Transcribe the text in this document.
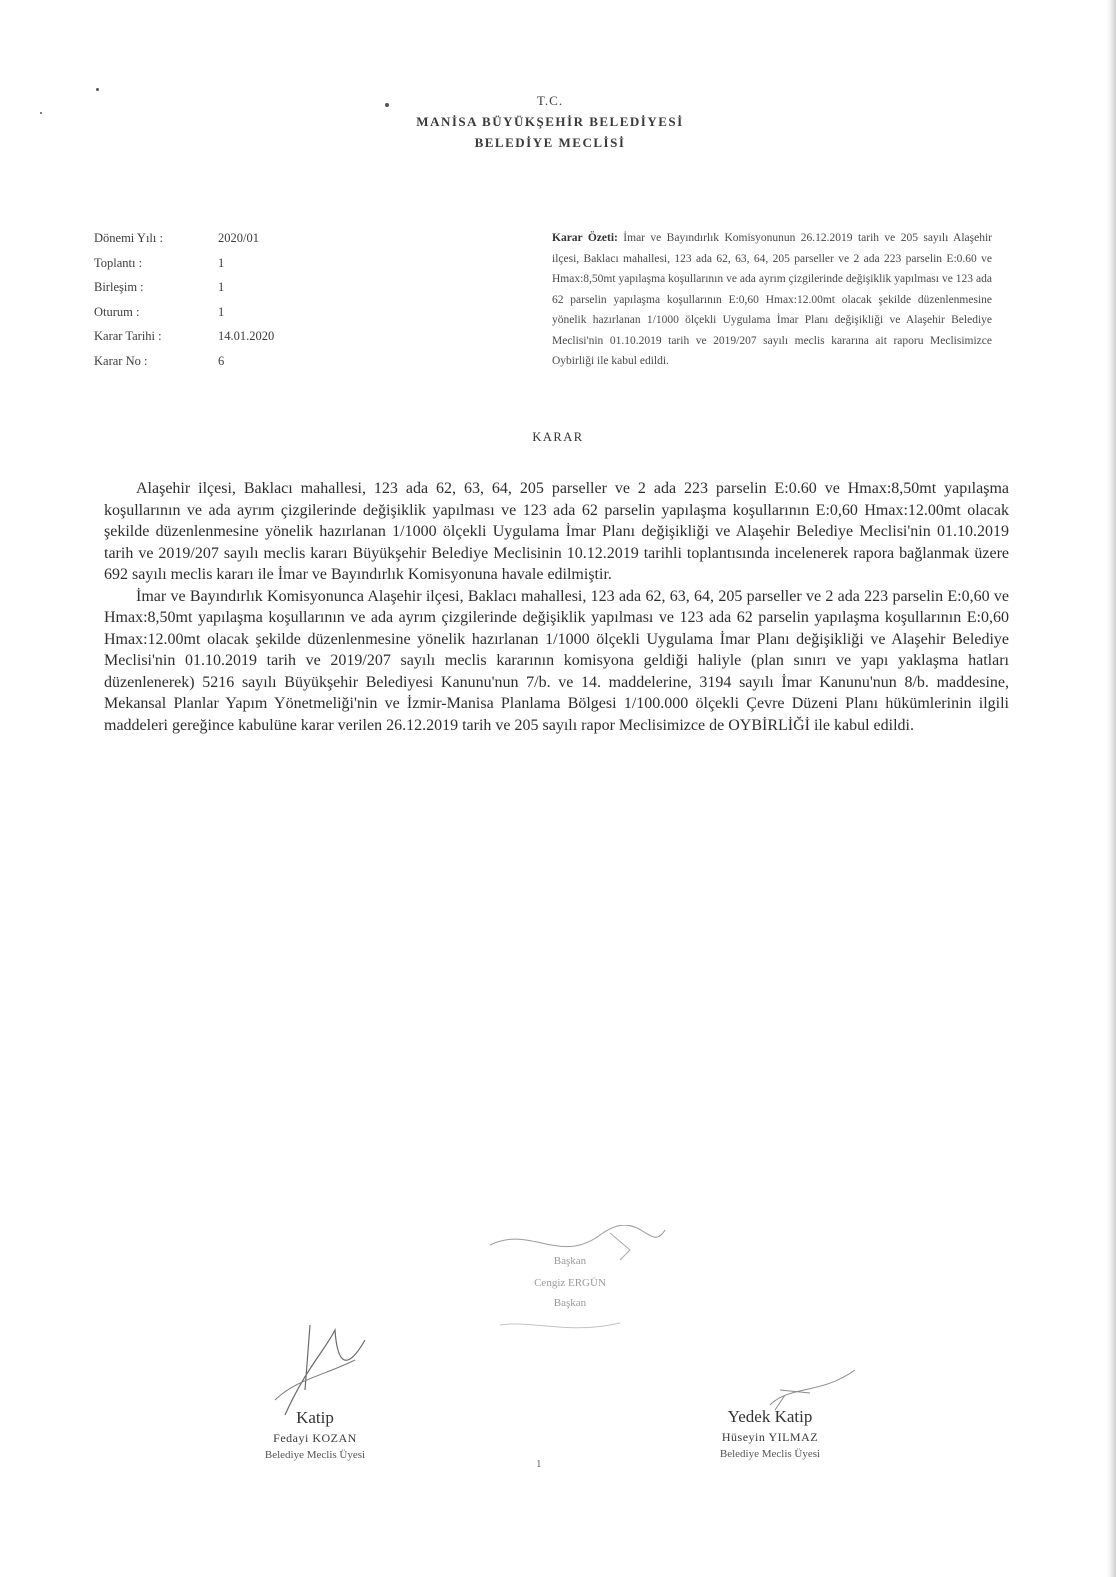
T.C.
MANİSA BÜYÜKŞEHİR BELEDİYESİ
BELEDİYE MECLİSİ
Dönemi Yılı :	2020/01
Toplantı :	1
Birleşim :	1
Oturum :	1
Karar Tarihi :	14.01.2020
Karar No :	6
Karar Özeti: İmar ve Bayındırlık Komisyonunun 26.12.2019 tarih ve 205 sayılı Alaşehir ilçesi, Baklacı mahallesi, 123 ada 62, 63, 64, 205 parseller ve 2 ada 223 parselin E:0.60 ve Hmax:8,50mt yapılaşma koşullarının ve ada ayrım çizgilerinde değişiklik yapılması ve 123 ada 62 parselin yapılaşma koşullarının E:0,60 Hmax:12.00mt olacak şekilde düzenlenmesine yönelik hazırlanan 1/1000 ölçekli Uygulama İmar Planı değişikliği ve Alaşehir Belediye Meclisi'nin 01.10.2019 tarih ve 2019/207 sayılı meclis kararına ait raporu Meclisimizce Oybirliği ile kabul edildi.
KARAR

Alaşehir ilçesi, Baklacı mahallesi, 123 ada 62, 63, 64, 205 parseller ve 2 ada 223 parselin E:0.60 ve Hmax:8,50mt yapılaşma koşullarının ve ada ayrım çizgilerinde değişiklik yapılması ve 123 ada 62 parselin yapılaşma koşullarının E:0,60 Hmax:12.00mt olacak şekilde düzenlenmesine yönelik hazırlanan 1/1000 ölçekli Uygulama İmar Planı değişikliği ve Alaşehir Belediye Meclisi'nin 01.10.2019 tarih ve 2019/207 sayılı meclis kararı Büyükşehir Belediye Meclisinin 10.12.2019 tarihli toplantısında incelenerek rapora bağlanmak üzere 692 sayılı meclis kararı ile İmar ve Bayındırlık Komisyonuna havale edilmiştir.

İmar ve Bayındırlık Komisyonunca Alaşehir ilçesi, Baklacı mahallesi, 123 ada 62, 63, 64, 205 parseller ve 2 ada 223 parselin E:0,60 ve Hmax:8,50mt yapılaşma koşullarının ve ada ayrım çizgilerinde değişiklik yapılması ve 123 ada 62 parselin yapılaşma koşullarının E:0,60 Hmax:12.00mt olacak şekilde düzenlenmesine yönelik hazırlanan 1/1000 ölçekli Uygulama İmar Planı değişikliği ve Alaşehir Belediye Meclisi'nin 01.10.2019 tarih ve 2019/207 sayılı meclis kararının komisyona geldiği haliyle (plan sınırı ve yapı yaklaşma hatları düzenlenerek) 5216 sayılı Büyükşehir Belediyesi Kanunu'nun 7/b. ve 14. maddelerine, 3194 sayılı İmar Kanunu'nun 8/b. maddesine, Mekansal Planlar Yapım Yönetmeliği'nin ve İzmir-Manisa Planlama Bölgesi 1/100.000 ölçekli Çevre Düzeni Planı hükümlerinin ilgili maddeleri gereğince kabulüne karar verilen 26.12.2019 tarih ve 205 sayılı rapor Meclisimizce de OYBİRLİĞİ ile kabul edildi.

Başkan
Cengiz ERGÜN
Başkan
Katip
Fedayi KOZAN
Belediye Meclis Üyesi
Yedek Katip
Hüseyin YILMAZ
Belediye Meclis Üyesi
1
